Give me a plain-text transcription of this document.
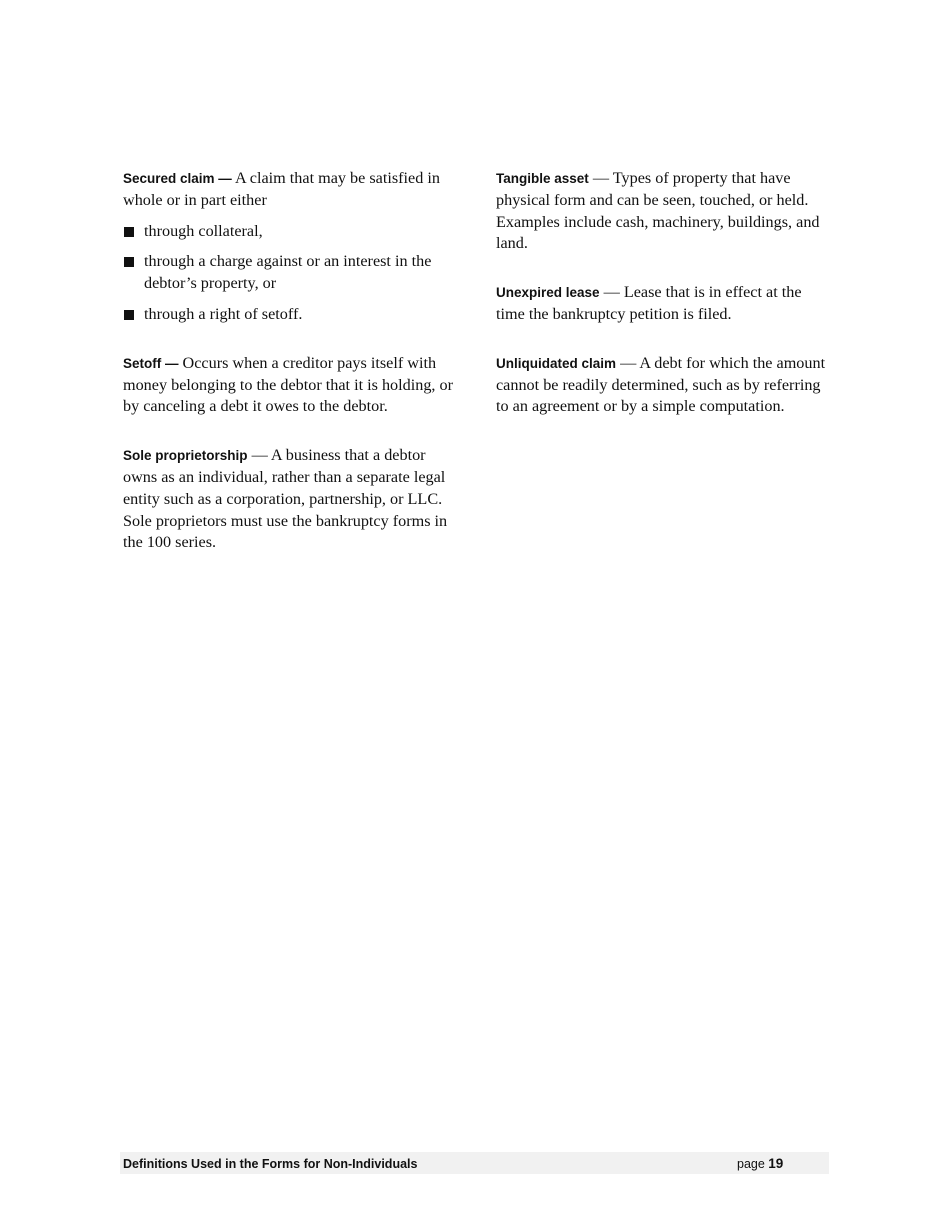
Secured claim — A claim that may be satisfied in whole or in part either
through collateral,
through a charge against or an interest in the debtor’s property, or
through a right of setoff.
Setoff — Occurs when a creditor pays itself with money belonging to the debtor that it is holding, or by canceling a debt it owes to the debtor.
Sole proprietorship — A business that a debtor owns as an individual, rather than a separate legal entity such as a corporation, partnership, or LLC. Sole proprietors must use the bankruptcy forms in the 100 series.
Tangible asset — Types of property that have physical form and can be seen, touched, or held. Examples include cash, machinery, buildings, and land.
Unexpired lease — Lease that is in effect at the time the bankruptcy petition is filed.
Unliquidated claim — A debt for which the amount cannot be readily determined, such as by referring to an agreement or by a simple computation.
Definitions Used in the Forms for Non-Individuals	page 19
